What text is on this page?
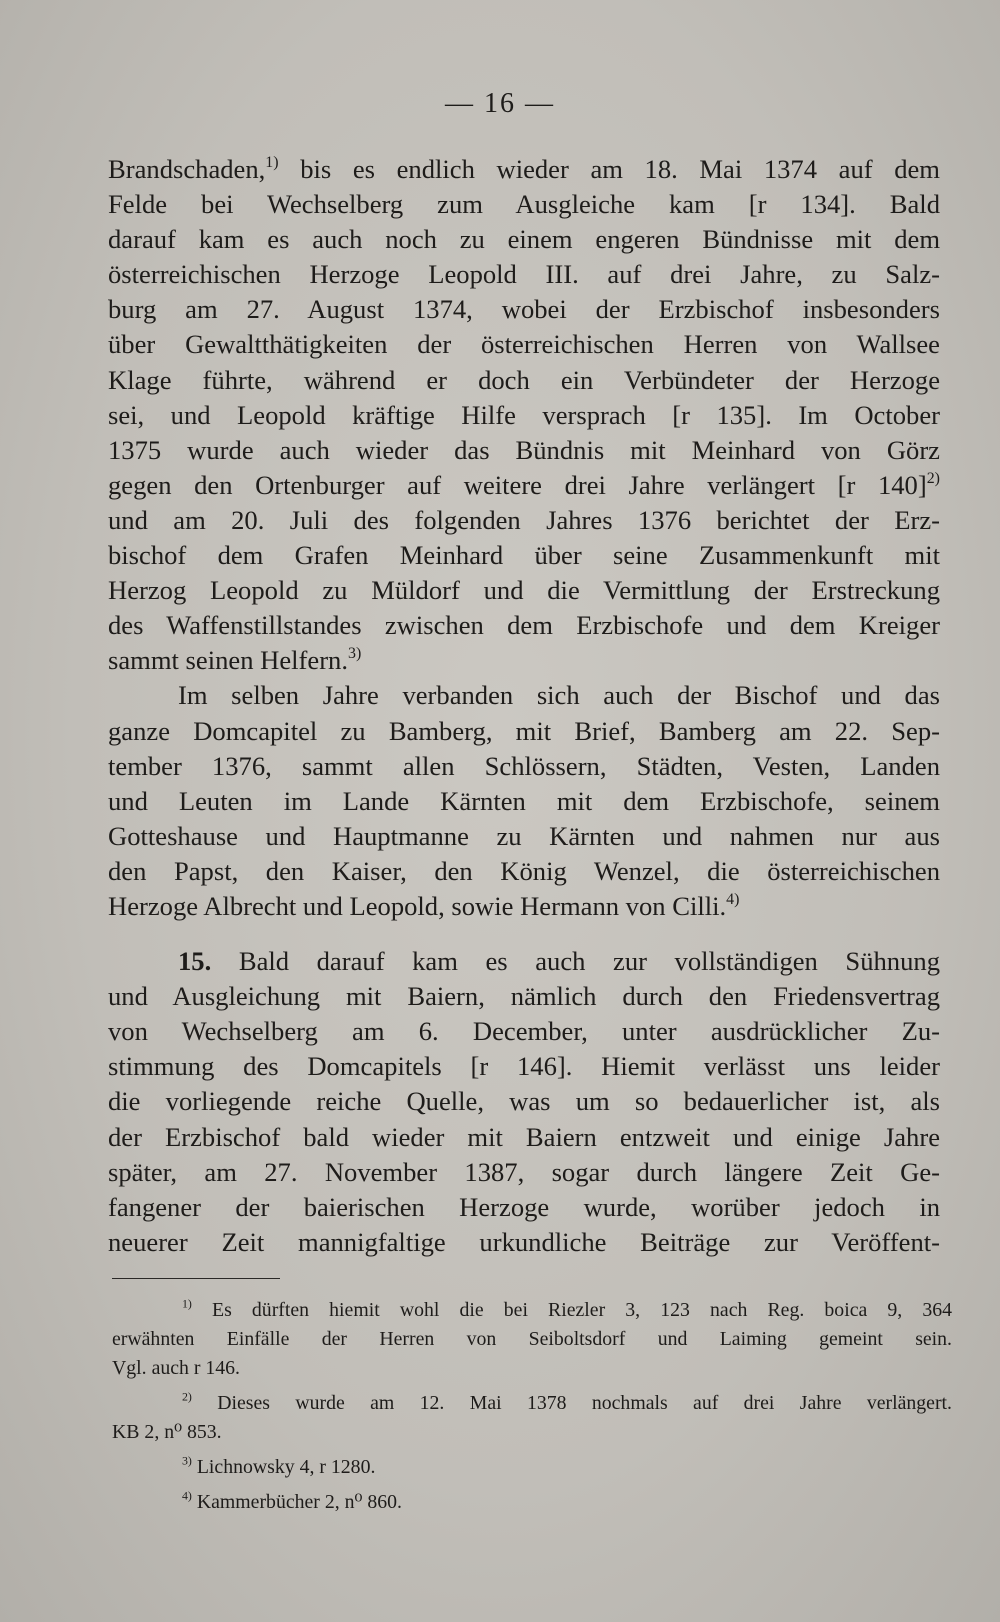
— 16 —
Brandschaden,$^{1)}$ bis es endlich wieder am 18. Mai 1374 auf dem
Felde bei Wechselberg zum Ausgleiche kam [r 134]. Bald
darauf kam es auch noch zu einem engeren Bündnisse mit dem
österreichischen Herzoge Leopold III. auf drei Jahre, zu Salz-
burg am 27. August 1374, wobei der Erzbischof insbesonders
über Gewaltthätigkeiten der österreichischen Herren von Wallsee
Klage führte, während er doch ein Verbündeter der Herzoge
sei, und Leopold kräftige Hilfe versprach [r 135]. Im October
1375 wurde auch wieder das Bündnis mit Meinhard von Görz
gegen den Ortenburger auf weitere drei Jahre verlängert [r 140]$^{2)}$
und am 20. Juli des folgenden Jahres 1376 berichtet der Erz-
bischof dem Grafen Meinhard über seine Zusammenkunft mit
Herzog Leopold zu Müldorf und die Vermittlung der Erstreckung
des Waffenstillstandes zwischen dem Erzbischofe und dem Kreiger
sammt seinen Helfern.$^{3)}$
Im selben Jahre verbanden sich auch der Bischof und das
ganze Domcapitel zu Bamberg, mit Brief, Bamberg am 22. Sep-
tember 1376, sammt allen Schlössern, Städten, Vesten, Landen
und Leuten im Lande Kärnten mit dem Erzbischofe, seinem
Gotteshause und Hauptmanne zu Kärnten und nahmen nur aus
den Papst, den Kaiser, den König Wenzel, die österreichischen
Herzoge Albrecht und Leopold, sowie Hermann von Cilli.$^{4)}$
15. Bald darauf kam es auch zur vollständigen Sühnung
und Ausgleichung mit Baiern, nämlich durch den Friedensvertrag
von Wechselberg am 6. December, unter ausdrücklicher Zu-
stimmung des Domcapitels [r 146]. Hiemit verlässt uns leider
die vorliegende reiche Quelle, was um so bedauerlicher ist, als
der Erzbischof bald wieder mit Baiern entzweit und einige Jahre
später, am 27. November 1387, sogar durch längere Zeit Ge-
fangener der baierischen Herzoge wurde, worüber jedoch in
neuerer Zeit mannigfaltige urkundliche Beiträge zur Veröffent-
$^{1)}$ Es dürften hiemit wohl die bei Riezler 3, 123 nach Reg. boica 9, 364
erwähnten Einfälle der Herren von Seiboltsdorf und Laiming gemeint sein.
Vgl. auch r 146.
$^{2)}$ Dieses wurde am 12. Mai 1378 nochmals auf drei Jahre verlängert.
KB 2, n⁰ 853.
$^{3)}$ Lichnowsky 4, r 1280.
$^{4)}$ Kammerbücher 2, n⁰ 860.
